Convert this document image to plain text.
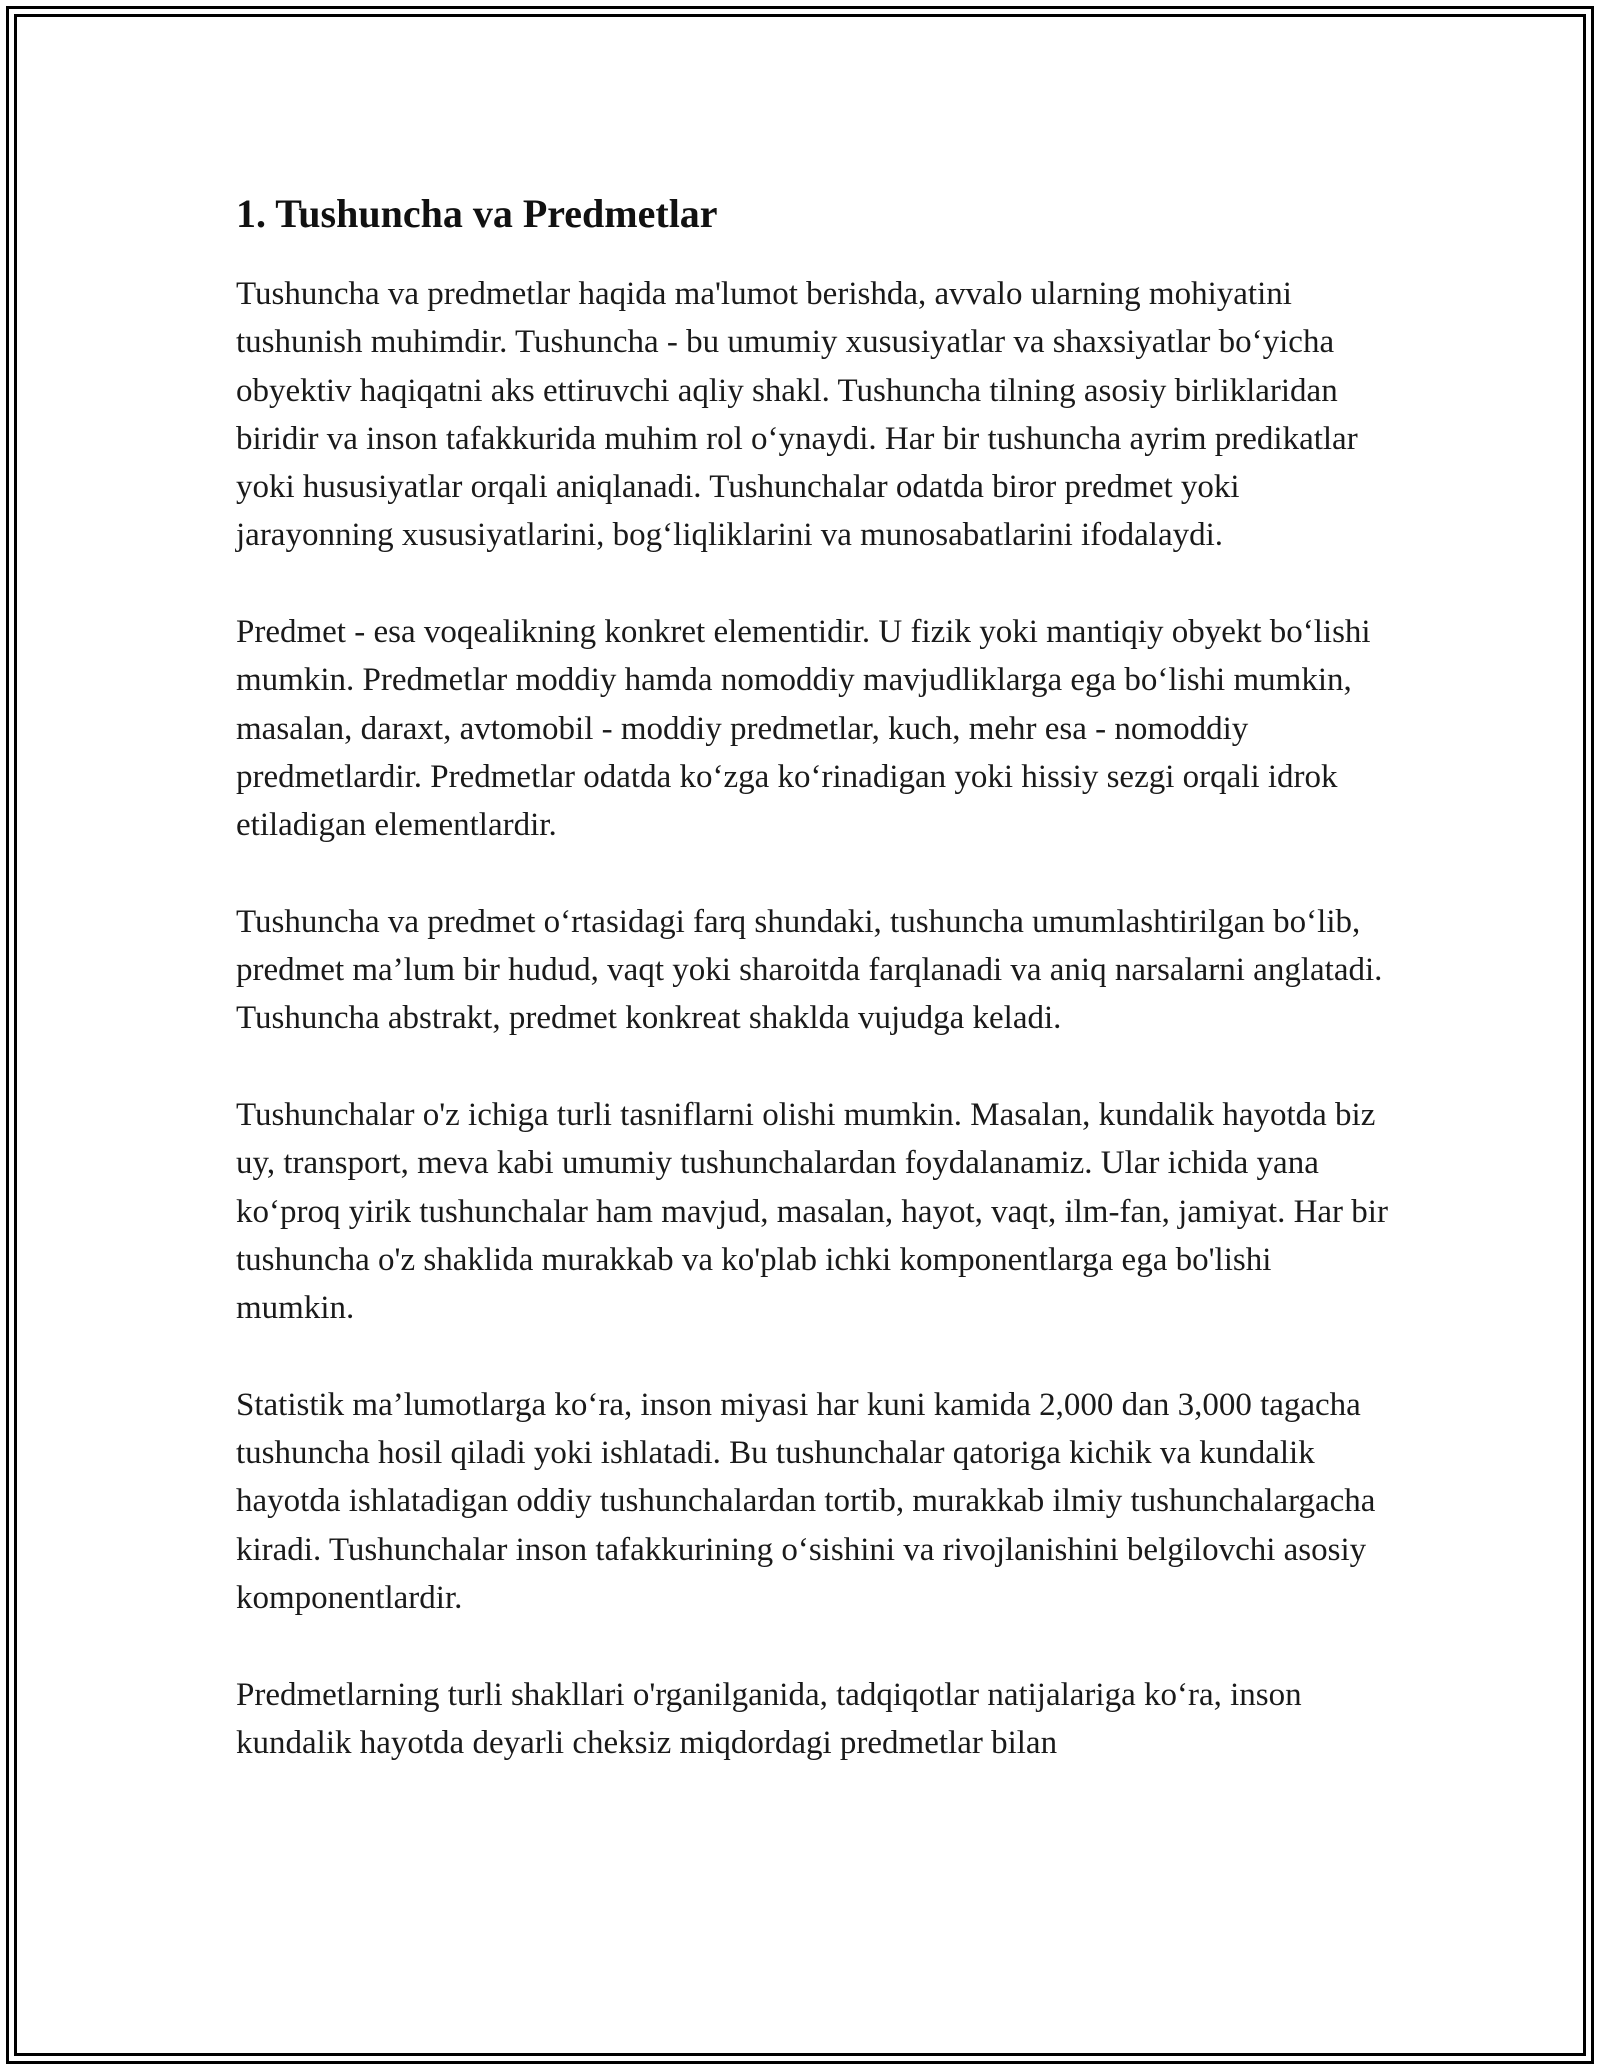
1. Tushuncha va Predmetlar

Tushuncha va predmetlar haqida ma'lumot berishda, avvalo ularning mohiyatini tushunish muhimdir. Tushuncha - bu umumiy xususiyatlar va shaxsiyatlar bo‘yicha obyektiv haqiqatni aks ettiruvchi aqliy shakl. Tushuncha tilning asosiy birliklaridan biridir va inson tafakkurida muhim rol o‘ynaydi. Har bir tushuncha ayrim predikatlar yoki hususiyatlar orqali aniqlanadi. Tushunchalar odatda biror predmet yoki jarayonning xususiyatlarini, bog‘liqliklarini va munosabatlarini ifodalaydi.

Predmet - esa voqealikning konkret elementidir. U fizik yoki mantiqiy obyekt bo‘lishi mumkin. Predmetlar moddiy hamda nomoddiy mavjudliklarga ega bo‘lishi mumkin, masalan, daraxt, avtomobil - moddiy predmetlar, kuch, mehr esa - nomoddiy predmetlardir. Predmetlar odatda ko‘zga ko‘rinadigan yoki hissiy sezgi orqali idrok etiladigan elementlardir.

Tushuncha va predmet o‘rtasidagi farq shundaki, tushuncha umumlashtirilgan bo‘lib, predmet ma’lum bir hudud, vaqt yoki sharoitda farqlanadi va aniq narsalarni anglatadi. Tushuncha abstrakt, predmet konkreat shaklda vujudga keladi.

Tushunchalar o'z ichiga turli tasniflarni olishi mumkin. Masalan, kundalik hayotda biz uy, transport, meva kabi umumiy tushunchalardan foydalanamiz. Ular ichida yana ko‘proq yirik tushunchalar ham mavjud, masalan, hayot, vaqt, ilm-fan, jamiyat. Har bir tushuncha o'z shaklida murakkab va ko'plab ichki komponentlarga ega bo'lishi mumkin.

Statistik ma’lumotlarga ko‘ra, inson miyasi har kuni kamida 2,000 dan 3,000 tagacha tushuncha hosil qiladi yoki ishlatadi. Bu tushunchalar qatoriga kichik va kundalik hayotda ishlatadigan oddiy tushunchalardan tortib, murakkab ilmiy tushunchalargacha kiradi. Tushunchalar inson tafakkurining o‘sishini va rivojlanishini belgilovchi asosiy komponentlardir.

Predmetlarning turli shakllari o'rganilganida, tadqiqotlar natijalariga ko‘ra, inson kundalik hayotda deyarli cheksiz miqdordagi predmetlar bilan
